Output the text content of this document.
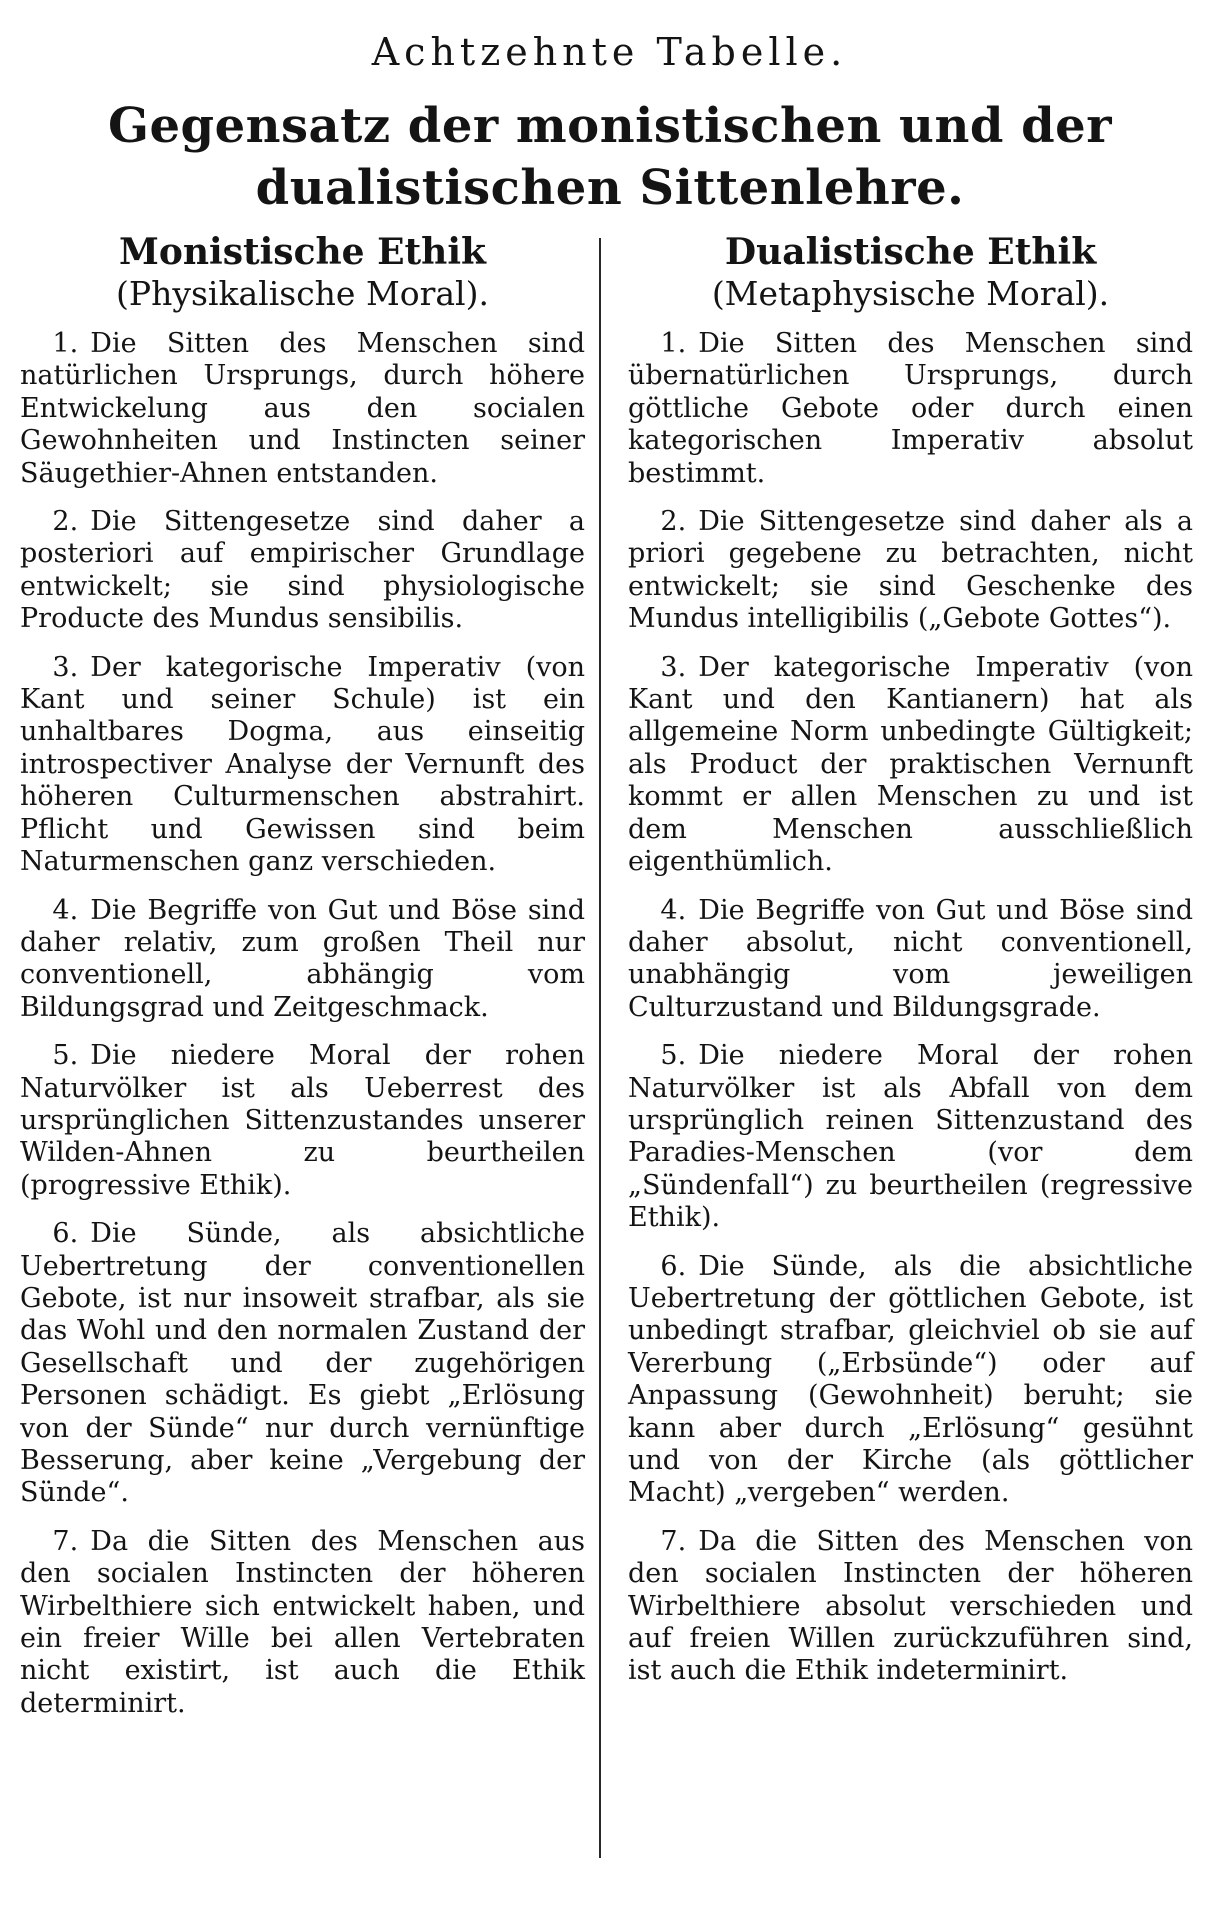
Achtzehnte Tabelle.
Gegensatz der monistischen und der dualistischen Sittenlehre.
Monistische Ethik
(Physikalische Moral).

1. Die Sitten des Menschen sind natürlichen Ursprungs, durch höhere Entwickelung aus den socialen Gewohnheiten und Instincten seiner Säugethier-Ahnen entstanden.

2. Die Sittengesetze sind daher a posteriori auf empirischer Grundlage entwickelt; sie sind physiologische Producte des Mundus sensibilis.

3. Der kategorische Imperativ (von Kant und seiner Schule) ist ein unhaltbares Dogma, aus einseitig introspectiver Analyse der Vernunft des höheren Culturmenschen abstrahirt. Pflicht und Gewissen sind beim Naturmenschen ganz verschieden.

4. Die Begriffe von Gut und Böse sind daher relativ, zum großen Theil nur conventionell, abhängig vom Bildungsgrad und Zeitgeschmack.

5. Die niedere Moral der rohen Naturvölker ist als Ueberrest des ursprünglichen Sittenzustandes unserer Wilden-Ahnen zu beurtheilen (progressive Ethik).

6. Die Sünde, als absichtliche Uebertretung der conventionellen Gebote, ist nur insoweit strafbar, als sie das Wohl und den normalen Zustand der Gesellschaft und der zugehörigen Personen schädigt. Es giebt „Erlösung von der Sünde“ nur durch vernünftige Besserung, aber keine „Vergebung der Sünde“.

7. Da die Sitten des Menschen aus den socialen Instincten der höheren Wirbelthiere sich entwickelt haben, und ein freier Wille bei allen Vertebraten nicht existirt, ist auch die Ethik determinirt.

Dualistische Ethik
(Metaphysische Moral).

1. Die Sitten des Menschen sind übernatürlichen Ursprungs, durch göttliche Gebote oder durch einen kategorischen Imperativ absolut bestimmt.

2. Die Sittengesetze sind daher als a priori gegebene zu betrachten, nicht entwickelt; sie sind Geschenke des Mundus intelligibilis („Gebote Gottes“).

3. Der kategorische Imperativ (von Kant und den Kantianern) hat als allgemeine Norm unbedingte Gültigkeit; als Product der praktischen Vernunft kommt er allen Menschen zu und ist dem Menschen ausschließlich eigenthümlich.

4. Die Begriffe von Gut und Böse sind daher absolut, nicht conventionell, unabhängig vom jeweiligen Culturzustand und Bildungsgrade.

5. Die niedere Moral der rohen Naturvölker ist als Abfall von dem ursprünglich reinen Sittenzustand des Paradies-Menschen (vor dem „Sündenfall“) zu beurtheilen (regressive Ethik).

6. Die Sünde, als die absichtliche Uebertretung der göttlichen Gebote, ist unbedingt strafbar, gleichviel ob sie auf Vererbung („Erbsünde“) oder auf Anpassung (Gewohnheit) beruht; sie kann aber durch „Erlösung“ gesühnt und von der Kirche (als göttlicher Macht) „vergeben“ werden.

7. Da die Sitten des Menschen von den socialen Instincten der höheren Wirbelthiere absolut verschieden und auf freien Willen zurückzuführen sind, ist auch die Ethik indeterminirt.
